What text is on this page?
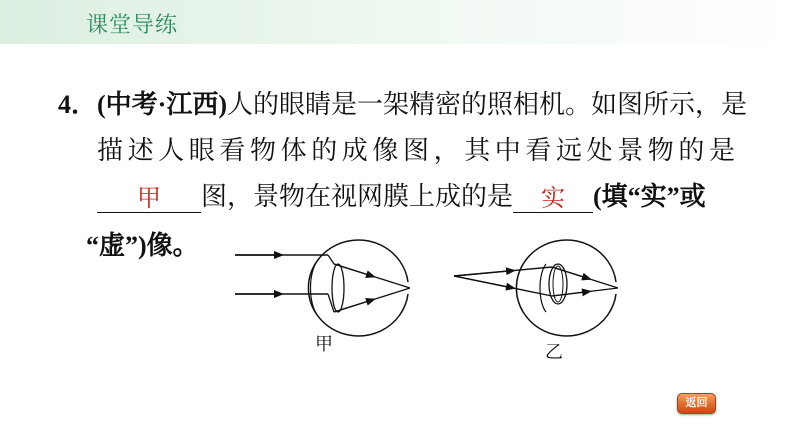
课堂导练
4．(中考·江西)人的眼睛是一架精密的照相机。如图所示，是
描述人眼看物体的成像图，其中看远处景物的是
甲 图，景物在视网膜上成的是 实 (填“实”或
“虚”)像。
甲	乙
返回
